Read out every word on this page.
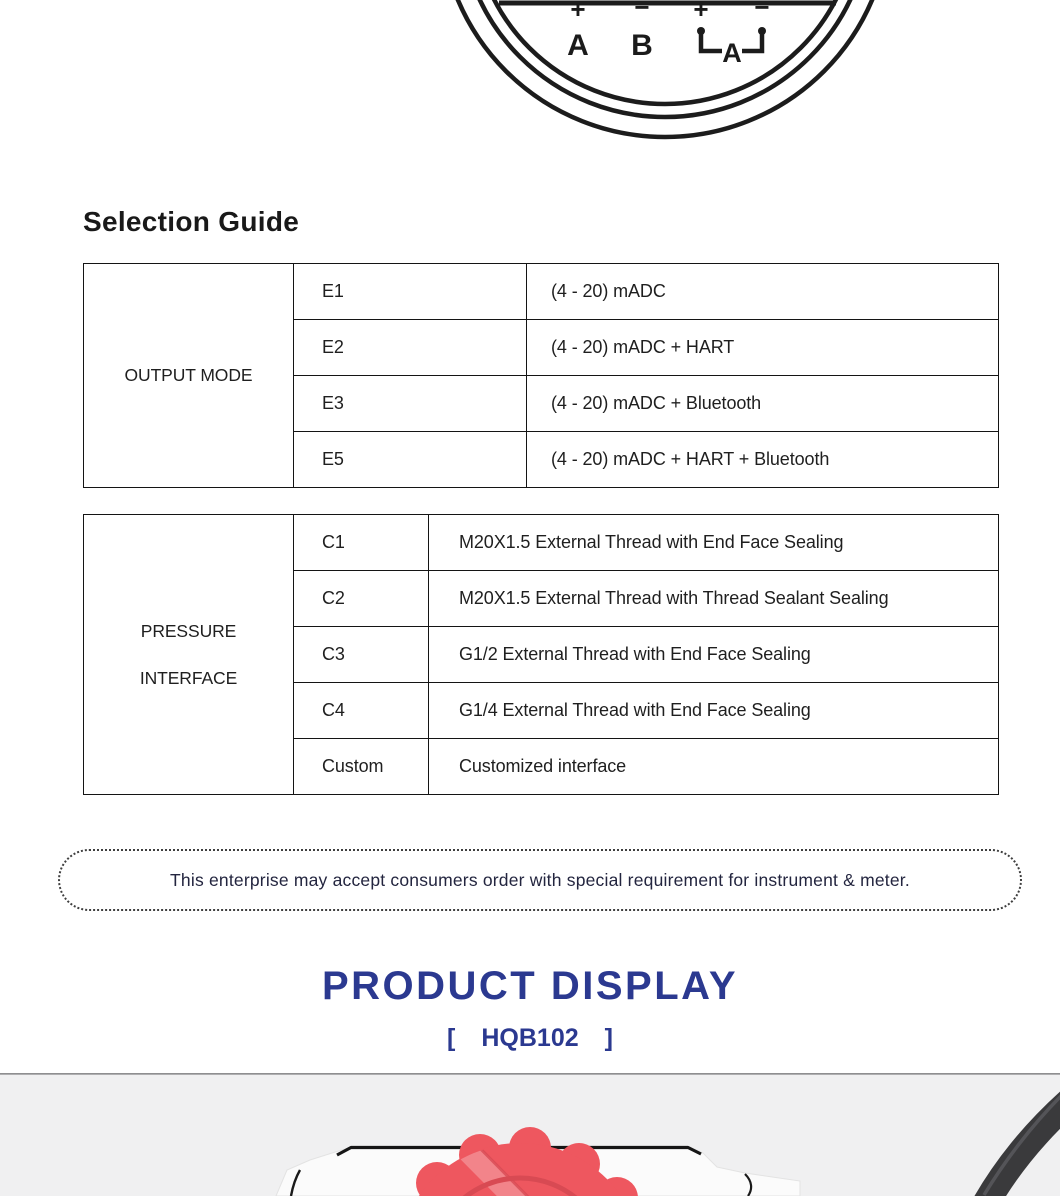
+ − + −
A B	A
Selection Guide
OUTPUT MODE	E1	(4 - 20) mADC
	E2	(4 - 20) mADC + HART
	E3	(4 - 20) mADC + Bluetooth
	E5	(4 - 20) mADC + HART + Bluetooth
PRESSURE
INTERFACE	C1	M20X1.5 External Thread with End Face Sealing
	C2	M20X1.5 External Thread with Thread Sealant Sealing
	C3	G1/2 External Thread with End Face Sealing
	C4	G1/4 External Thread with End Face Sealing
	Custom	Customized interface
This enterprise may accept consumers order with special requirement for instrument & meter.
PRODUCT DISPLAY
[ HQB102 ]
